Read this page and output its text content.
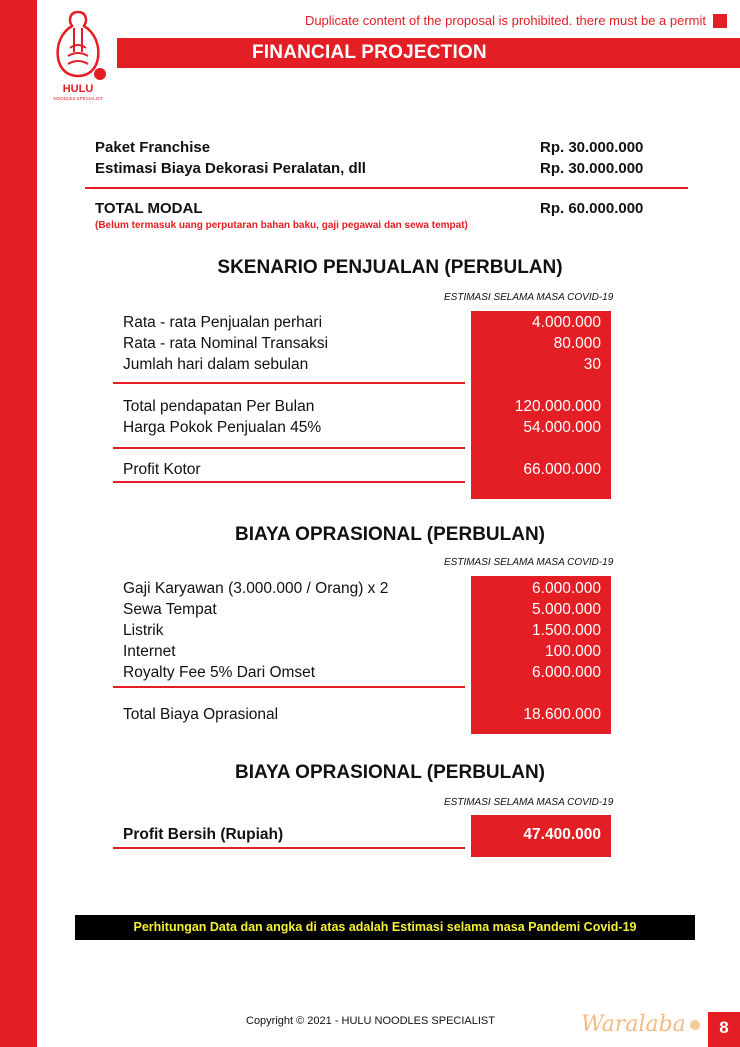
HULU
NOODLES SPECIALIST
Duplicate content of the proposal is prohibited. there must be a permit
FINANCIAL PROJECTION
Paket Franchise	Rp. 30.000.000
Estimasi Biaya Dekorasi Peralatan, dll	Rp. 30.000.000
TOTAL MODAL	Rp. 60.000.000
(Belum termasuk uang perputaran bahan baku, gaji pegawai dan sewa tempat)
SKENARIO PENJUALAN (PERBULAN)
ESTIMASI SELAMA MASA COVID-19
Rata - rata Penjualan perhari	4.000.000
Rata - rata Nominal Transaksi	80.000
Jumlah hari dalam sebulan	30
Total pendapatan Per Bulan	120.000.000
Harga Pokok Penjualan 45%	54.000.000
Profit Kotor	66.000.000
BIAYA OPRASIONAL (PERBULAN)
ESTIMASI SELAMA MASA COVID-19
Gaji Karyawan (3.000.000 / Orang) x 2	6.000.000
Sewa Tempat	5.000.000
Listrik	1.500.000
Internet	100.000
Royalty Fee 5% Dari Omset	6.000.000
Total Biaya Oprasional	18.600.000
BIAYA OPRASIONAL (PERBULAN)
ESTIMASI SELAMA MASA COVID-19
Profit Bersih (Rupiah)	47.400.000
Perhitungan Data dan angka di atas adalah Estimasi selama masa Pandemi Covid-19
Copyright © 2021 - HULU NOODLES SPECIALIST	Waralaba	8
